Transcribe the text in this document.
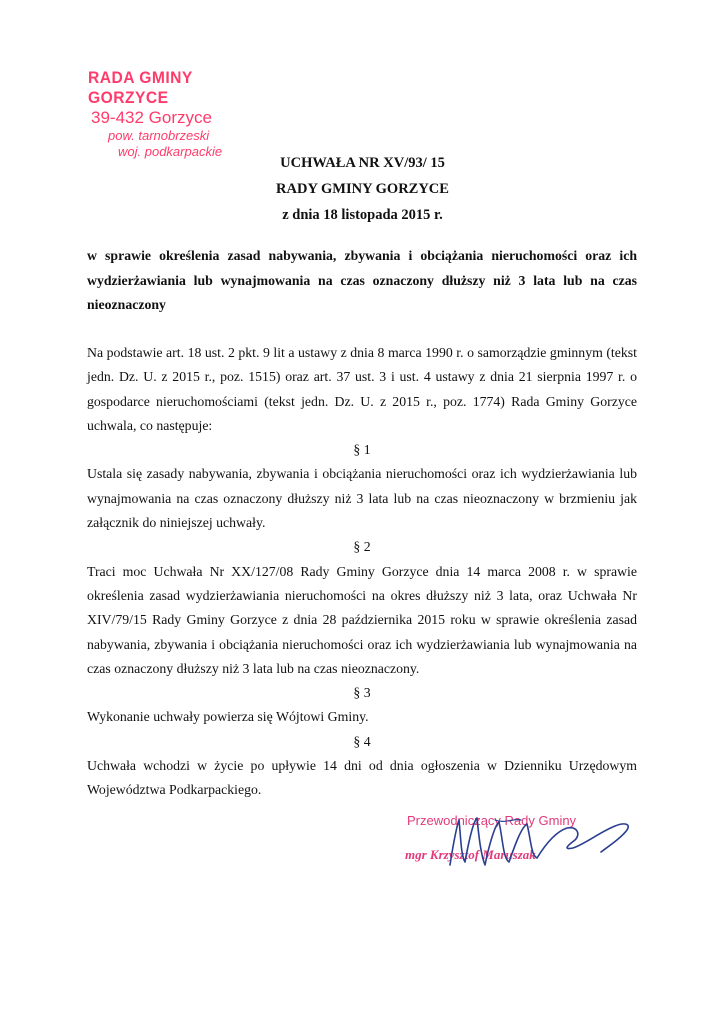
RADA GMINY GORZYCE
39-432 Gorzyce
pow. tarnobrzeski
woj. podkarpackie
UCHWAŁA NR XV/93/ 15
RADY GMINY GORZYCE
z dnia 18 listopada 2015 r.
w sprawie określenia zasad nabywania, zbywania i obciążania nieruchomości oraz ich wydzierżawiania lub wynajmowania na czas oznaczony dłuższy niż 3 lata lub na czas nieoznaczony

Na podstawie art. 18 ust. 2 pkt. 9 lit a ustawy z dnia 8 marca 1990 r. o samorządzie gminnym (tekst jedn. Dz. U. z 2015 r., poz. 1515) oraz art. 37 ust. 3 i ust. 4 ustawy z dnia 21 sierpnia 1997 r. o gospodarce nieruchomościami (tekst jedn. Dz. U. z 2015 r., poz. 1774) Rada Gminy Gorzyce uchwala, co następuje:

§ 1

Ustala się zasady nabywania, zbywania i obciążania nieruchomości oraz ich wydzierżawiania lub wynajmowania na czas oznaczony dłuższy niż 3 lata lub na czas nieoznaczony w brzmieniu jak załącznik do niniejszej uchwały.

§ 2

Traci moc Uchwała Nr XX/127/08 Rady Gminy Gorzyce dnia 14 marca 2008 r. w sprawie określenia zasad wydzierżawiania nieruchomości na okres dłuższy niż 3 lata, oraz Uchwała Nr XIV/79/15 Rady Gminy Gorzyce z dnia 28 października 2015 roku w sprawie określenia zasad nabywania, zbywania i obciążania nieruchomości oraz ich wydzierżawiania lub wynajmowania na czas oznaczony dłuższy niż 3 lata lub na czas nieoznaczony.

§ 3

Wykonanie uchwały powierza się Wójtowi Gminy.

§ 4

Uchwała wchodzi w życie po upływie 14 dni od dnia ogłoszenia w Dzienniku Urzędowym Województwa Podkarpackiego.

Przewodniczący Rady Gminy
mgr Krzysztof Maruszak
